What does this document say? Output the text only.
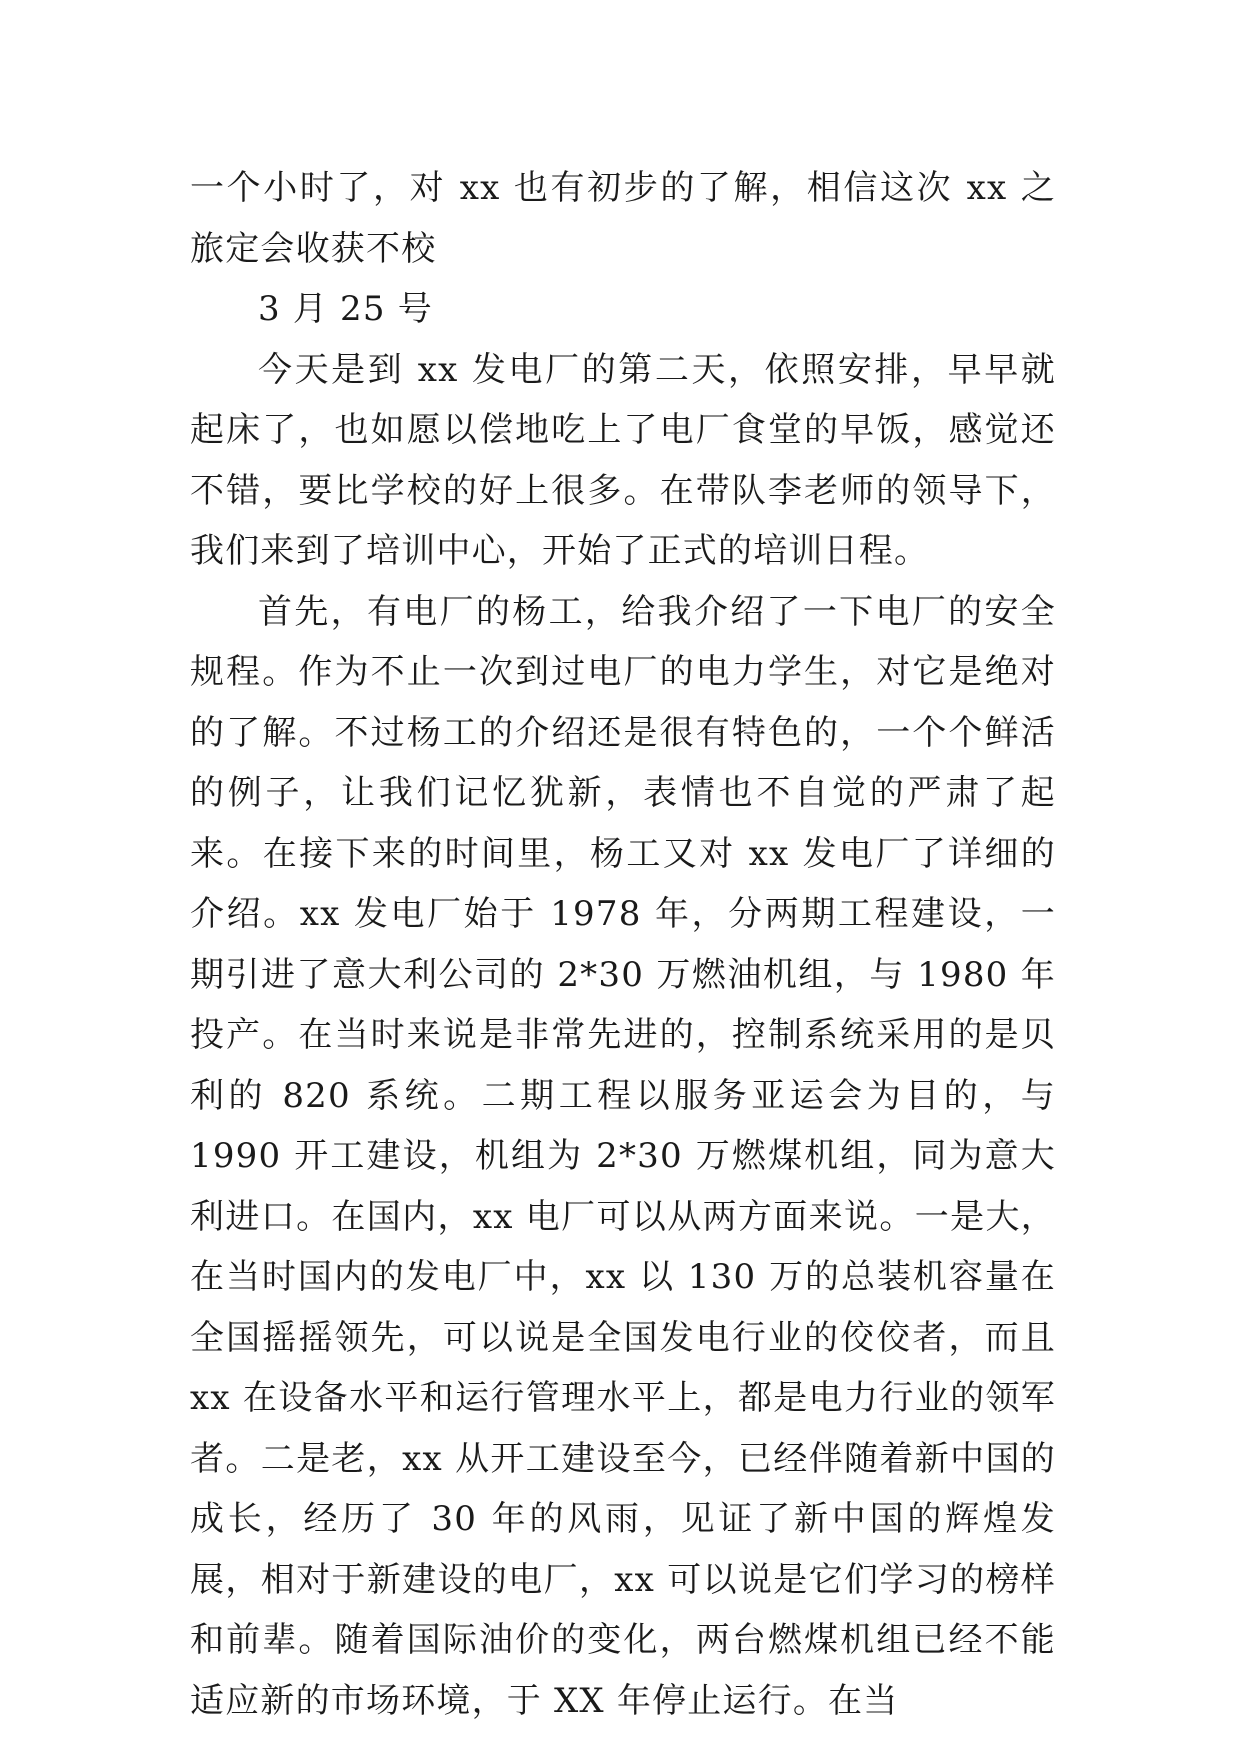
一个小时了，对 xx 也有初步的了解，相信这次 xx 之旅定会收获不校

3 月 25 号

今天是到 xx 发电厂的第二天，依照安排，早早就起床了，也如愿以偿地吃上了电厂食堂的早饭，感觉还不错，要比学校的好上很多。在带队李老师的领导下，我们来到了培训中心，开始了正式的培训日程。

首先，有电厂的杨工，给我介绍了一下电厂的安全规程。作为不止一次到过电厂的电力学生，对它是绝对的了解。不过杨工的介绍还是很有特色的，一个个鲜活的例子，让我们记忆犹新，表情也不自觉的严肃了起来。在接下来的时间里，杨工又对 xx 发电厂了详细的介绍。xx 发电厂始于 1978 年，分两期工程建设，一期引进了意大利公司的 2*30 万燃油机组，与 1980 年投产。在当时来说是非常先进的，控制系统采用的是贝利的 820 系统。二期工程以服务亚运会为目的，与 1990 开工建设，机组为 2*30 万燃煤机组，同为意大利进口。在国内，xx 电厂可以从两方面来说。一是大，在当时国内的发电厂中，xx 以 130 万的总装机容量在全国摇摇领先，可以说是全国发电行业的佼佼者，而且 xx 在设备水平和运行管理水平上，都是电力行业的领军者。二是老，xx 从开工建设至今，已经伴随着新中国的成长，经历了 30 年的风雨，见证了新中国的辉煌发展，相对于新建设的电厂，xx 可以说是它们学习的榜样和前辈。随着国际油价的变化，两台燃煤机组已经不能适应新的市场环境，于 XX 年停止运行。在当
